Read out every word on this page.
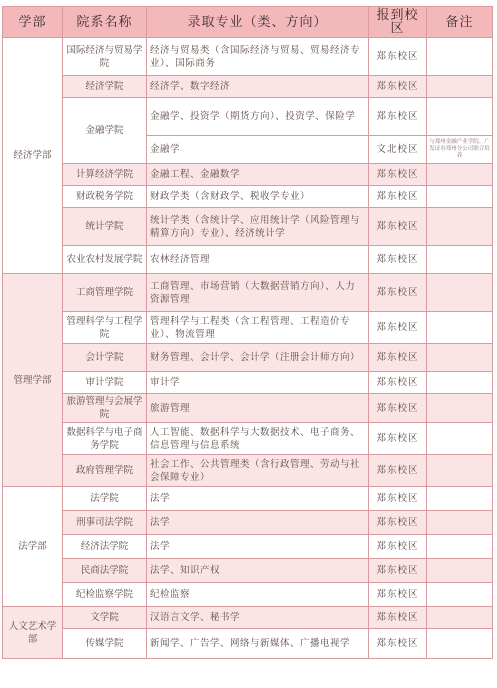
学部	院系名称	录取专业（类、方向）	报到校区	备注
经济学部	国际经济与贸易学院	经济与贸易类（含国际经济与贸易、贸易经济专业）、国际商务	郑东校区	
	经济学院	经济学、数字经济	郑东校区	
	金融学院	金融学、投资学（期货方向）、投资学、保险学	郑东校区	
		金融学	文北校区	与郑州金融产业学院、广发证券郑州分公司联合培养
	计算经济学院	金融工程、金融数学	郑东校区	
	财政税务学院	财政学类（含财政学、税收学专业）	郑东校区	
	统计学院	统计学类（含统计学、应用统计学（风险管理与精算方向）专业）、经济统计学	郑东校区	
	农业农村发展学院	农林经济管理	郑东校区	
管理学部	工商管理学院	工商管理、市场营销（大数据营销方向）、人力资源管理	郑东校区	
	管理科学与工程学院	管理科学与工程类（含工程管理、工程造价专业）、物流管理	郑东校区	
	会计学院	财务管理、会计学、会计学（注册会计师方向）	郑东校区	
	审计学院	审计学	郑东校区	
	旅游管理与会展学院	旅游管理	郑东校区	
	数据科学与电子商务学院	人工智能、数据科学与大数据技术、电子商务、信息管理与信息系统	郑东校区	
	政府管理学院	社会工作、公共管理类（含行政管理、劳动与社会保障专业）	郑东校区	
法学部	法学院	法学	郑东校区	
	刑事司法学院	法学	郑东校区	
	经济法学院	法学	郑东校区	
	民商法学院	法学、知识产权	郑东校区	
	纪检监察学院	纪检监察	郑东校区	
人文艺术学部	文学院	汉语言文学、秘书学	郑东校区	
	传媒学院	新闻学、广告学、网络与新媒体、广播电视学	郑东校区	
